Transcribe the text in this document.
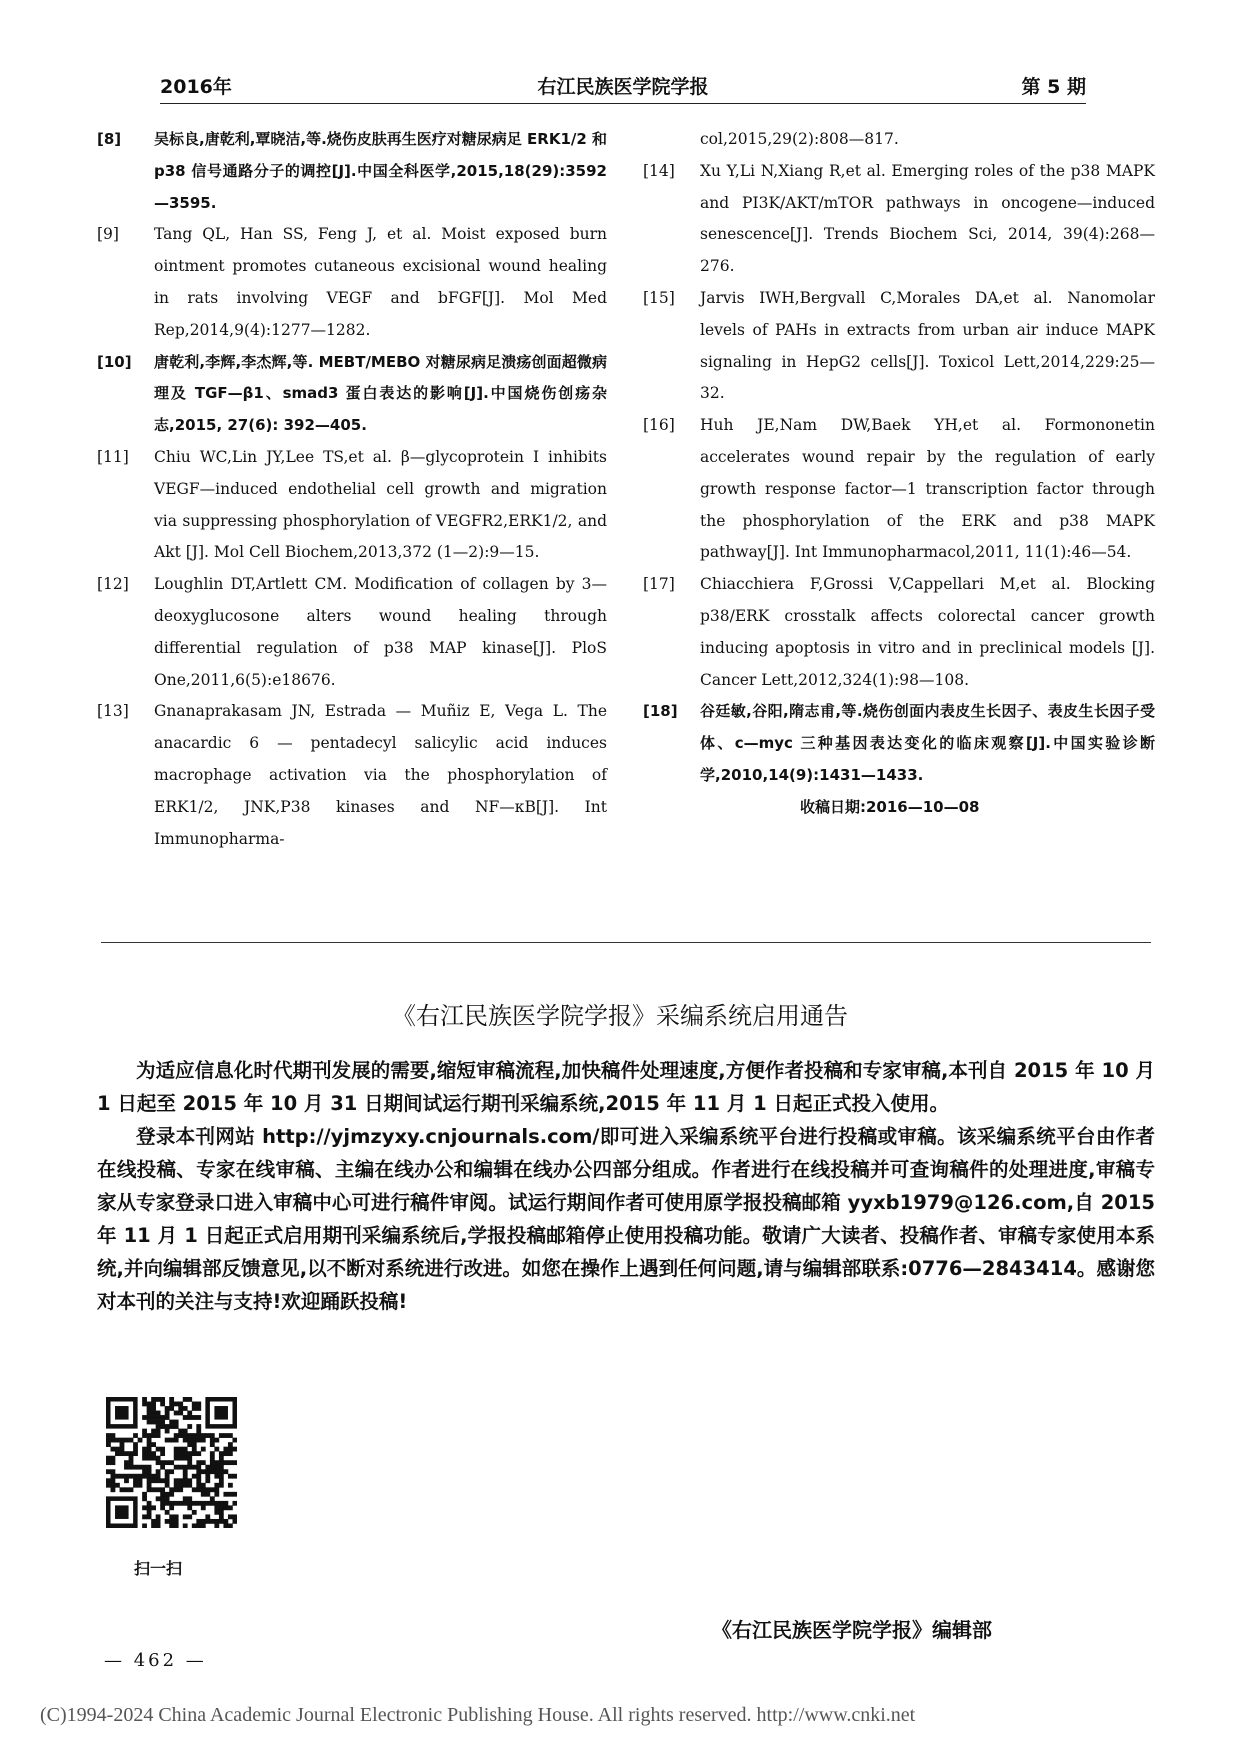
2016年	右江民族医学院学报	第 5 期
[8] 吴标良,唐乾利,覃晓洁,等.烧伤皮肤再生医疗对糖尿病足 ERK1/2 和 p38 信号通路分子的调控[J].中国全科医学,2015,18(29):3592—3595.
[9] Tang QL, Han SS, Feng J, et al. Moist exposed burn ointment promotes cutaneous excisional wound healing in rats involving VEGF and bFGF[J]. Mol Med Rep,2014,9(4):1277—1282.
[10] 唐乾利,李辉,李杰辉,等. MEBT/MEBO 对糖尿病足溃疡创面超微病理及 TGF—β1、smad3 蛋白表达的影响[J].中国烧伤创疡杂志,2015, 27(6): 392—405.
[11] Chiu WC,Lin JY,Lee TS,et al. β—glycoprotein I inhibits VEGF—induced endothelial cell growth and migration via suppressing phosphorylation of VEGFR2,ERK1/2, and Akt [J]. Mol Cell Biochem,2013,372 (1—2):9—15.
[12] Loughlin DT,Artlett CM. Modification of collagen by 3—deoxyglucosone alters wound healing through differential regulation of p38 MAP kinase[J]. PloS One,2011,6(5):e18676.
[13] Gnanaprakasam JN, Estrada — Muñiz E, Vega L. The anacardic 6 — pentadecyl salicylic acid induces macrophage activation via the phosphorylation of ERK1/2, JNK,P38 kinases and NF—κB[J]. Int Immunopharma-
col,2015,29(2):808—817.
[14] Xu Y,Li N,Xiang R,et al. Emerging roles of the p38 MAPK and PI3K/AKT/mTOR pathways in oncogene—induced senescence[J]. Trends Biochem Sci, 2014, 39(4):268—276.
[15] Jarvis IWH,Bergvall C,Morales DA,et al. Nanomolar levels of PAHs in extracts from urban air induce MAPK signaling in HepG2 cells[J]. Toxicol Lett,2014,229:25—32.
[16] Huh JE,Nam DW,Baek YH,et al. Formononetin accelerates wound repair by the regulation of early growth response factor—1 transcription factor through the phosphorylation of the ERK and p38 MAPK pathway[J]. Int Immunopharmacol,2011, 11(1):46—54.
[17] Chiacchiera F,Grossi V,Cappellari M,et al. Blocking p38/ERK crosstalk affects colorectal cancer growth inducing apoptosis in vitro and in preclinical models [J]. Cancer Lett,2012,324(1):98—108.
[18] 谷廷敏,谷阳,隋志甫,等.烧伤创面内表皮生长因子、表皮生长因子受体、c—myc 三种基因表达变化的临床观察[J].中国实验诊断学,2010,14(9):1431—1433.
收稿日期:2016—10—08
《右江民族医学院学报》采编系统启用通告

为适应信息化时代期刊发展的需要,缩短审稿流程,加快稿件处理速度,方便作者投稿和专家审稿,本刊自 2015 年 10 月 1 日起至 2015 年 10 月 31 日期间试运行期刊采编系统,2015 年 11 月 1 日起正式投入使用。

登录本刊网站 http://yjmzyxy.cnjournals.com/即可进入采编系统平台进行投稿或审稿。该采编系统平台由作者在线投稿、专家在线审稿、主编在线办公和编辑在线办公四部分组成。作者进行在线投稿并可查询稿件的处理进度,审稿专家从专家登录口进入审稿中心可进行稿件审阅。试运行期间作者可使用原学报投稿邮箱 yyxb1979@126.com,自 2015 年 11 月 1 日起正式启用期刊采编系统后,学报投稿邮箱停止使用投稿功能。敬请广大读者、投稿作者、审稿专家使用本系统,并向编辑部反馈意见,以不断对系统进行改进。如您在操作上遇到任何问题,请与编辑部联系:0776—2843414。感谢您对本刊的关注与支持!欢迎踊跃投稿!

扫一扫
《右江民族医学院学报》编辑部
— 462 —
(C)1994-2024 China Academic Journal Electronic Publishing House. All rights reserved. http://www.cnki.net
